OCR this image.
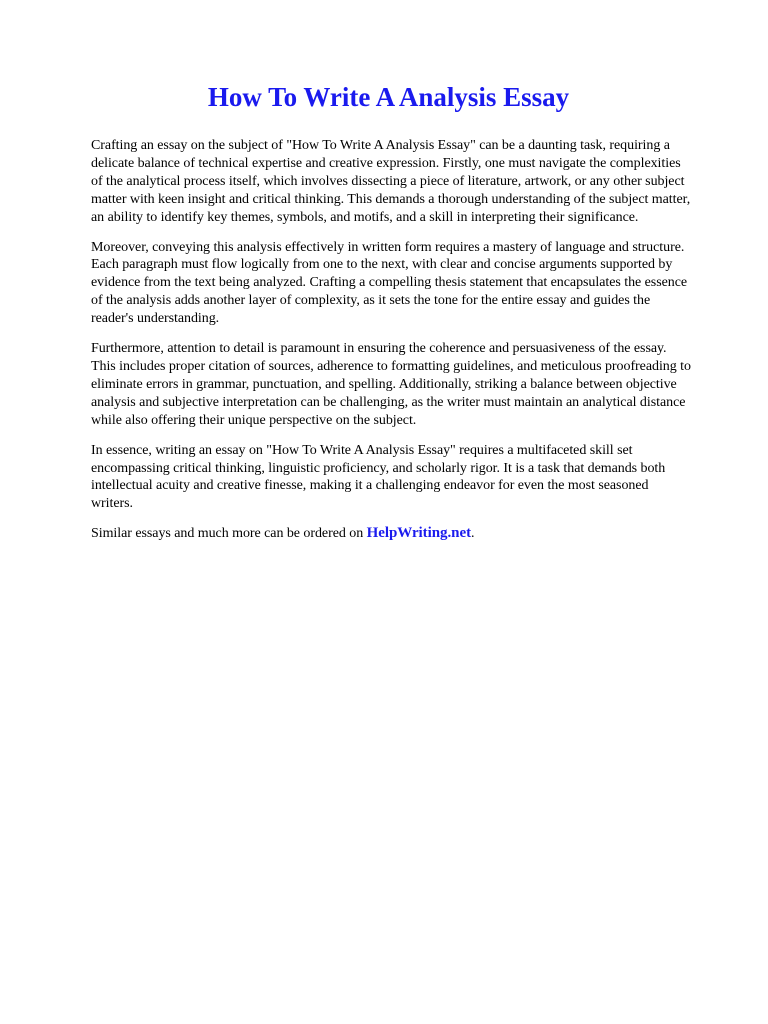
How To Write A Analysis Essay

Crafting an essay on the subject of "How To Write A Analysis Essay" can be a daunting task, requiring a delicate balance of technical expertise and creative expression. Firstly, one must navigate the complexities of the analytical process itself, which involves dissecting a piece of literature, artwork, or any other subject matter with keen insight and critical thinking. This demands a thorough understanding of the subject matter, an ability to identify key themes, symbols, and motifs, and a skill in interpreting their significance.

Moreover, conveying this analysis effectively in written form requires a mastery of language and structure. Each paragraph must flow logically from one to the next, with clear and concise arguments supported by evidence from the text being analyzed. Crafting a compelling thesis statement that encapsulates the essence of the analysis adds another layer of complexity, as it sets the tone for the entire essay and guides the reader's understanding.

Furthermore, attention to detail is paramount in ensuring the coherence and persuasiveness of the essay. This includes proper citation of sources, adherence to formatting guidelines, and meticulous proofreading to eliminate errors in grammar, punctuation, and spelling. Additionally, striking a balance between objective analysis and subjective interpretation can be challenging, as the writer must maintain an analytical distance while also offering their unique perspective on the subject.

In essence, writing an essay on "How To Write A Analysis Essay" requires a multifaceted skill set encompassing critical thinking, linguistic proficiency, and scholarly rigor. It is a task that demands both intellectual acuity and creative finesse, making it a challenging endeavor for even the most seasoned writers.

Similar essays and much more can be ordered on HelpWriting.net.
